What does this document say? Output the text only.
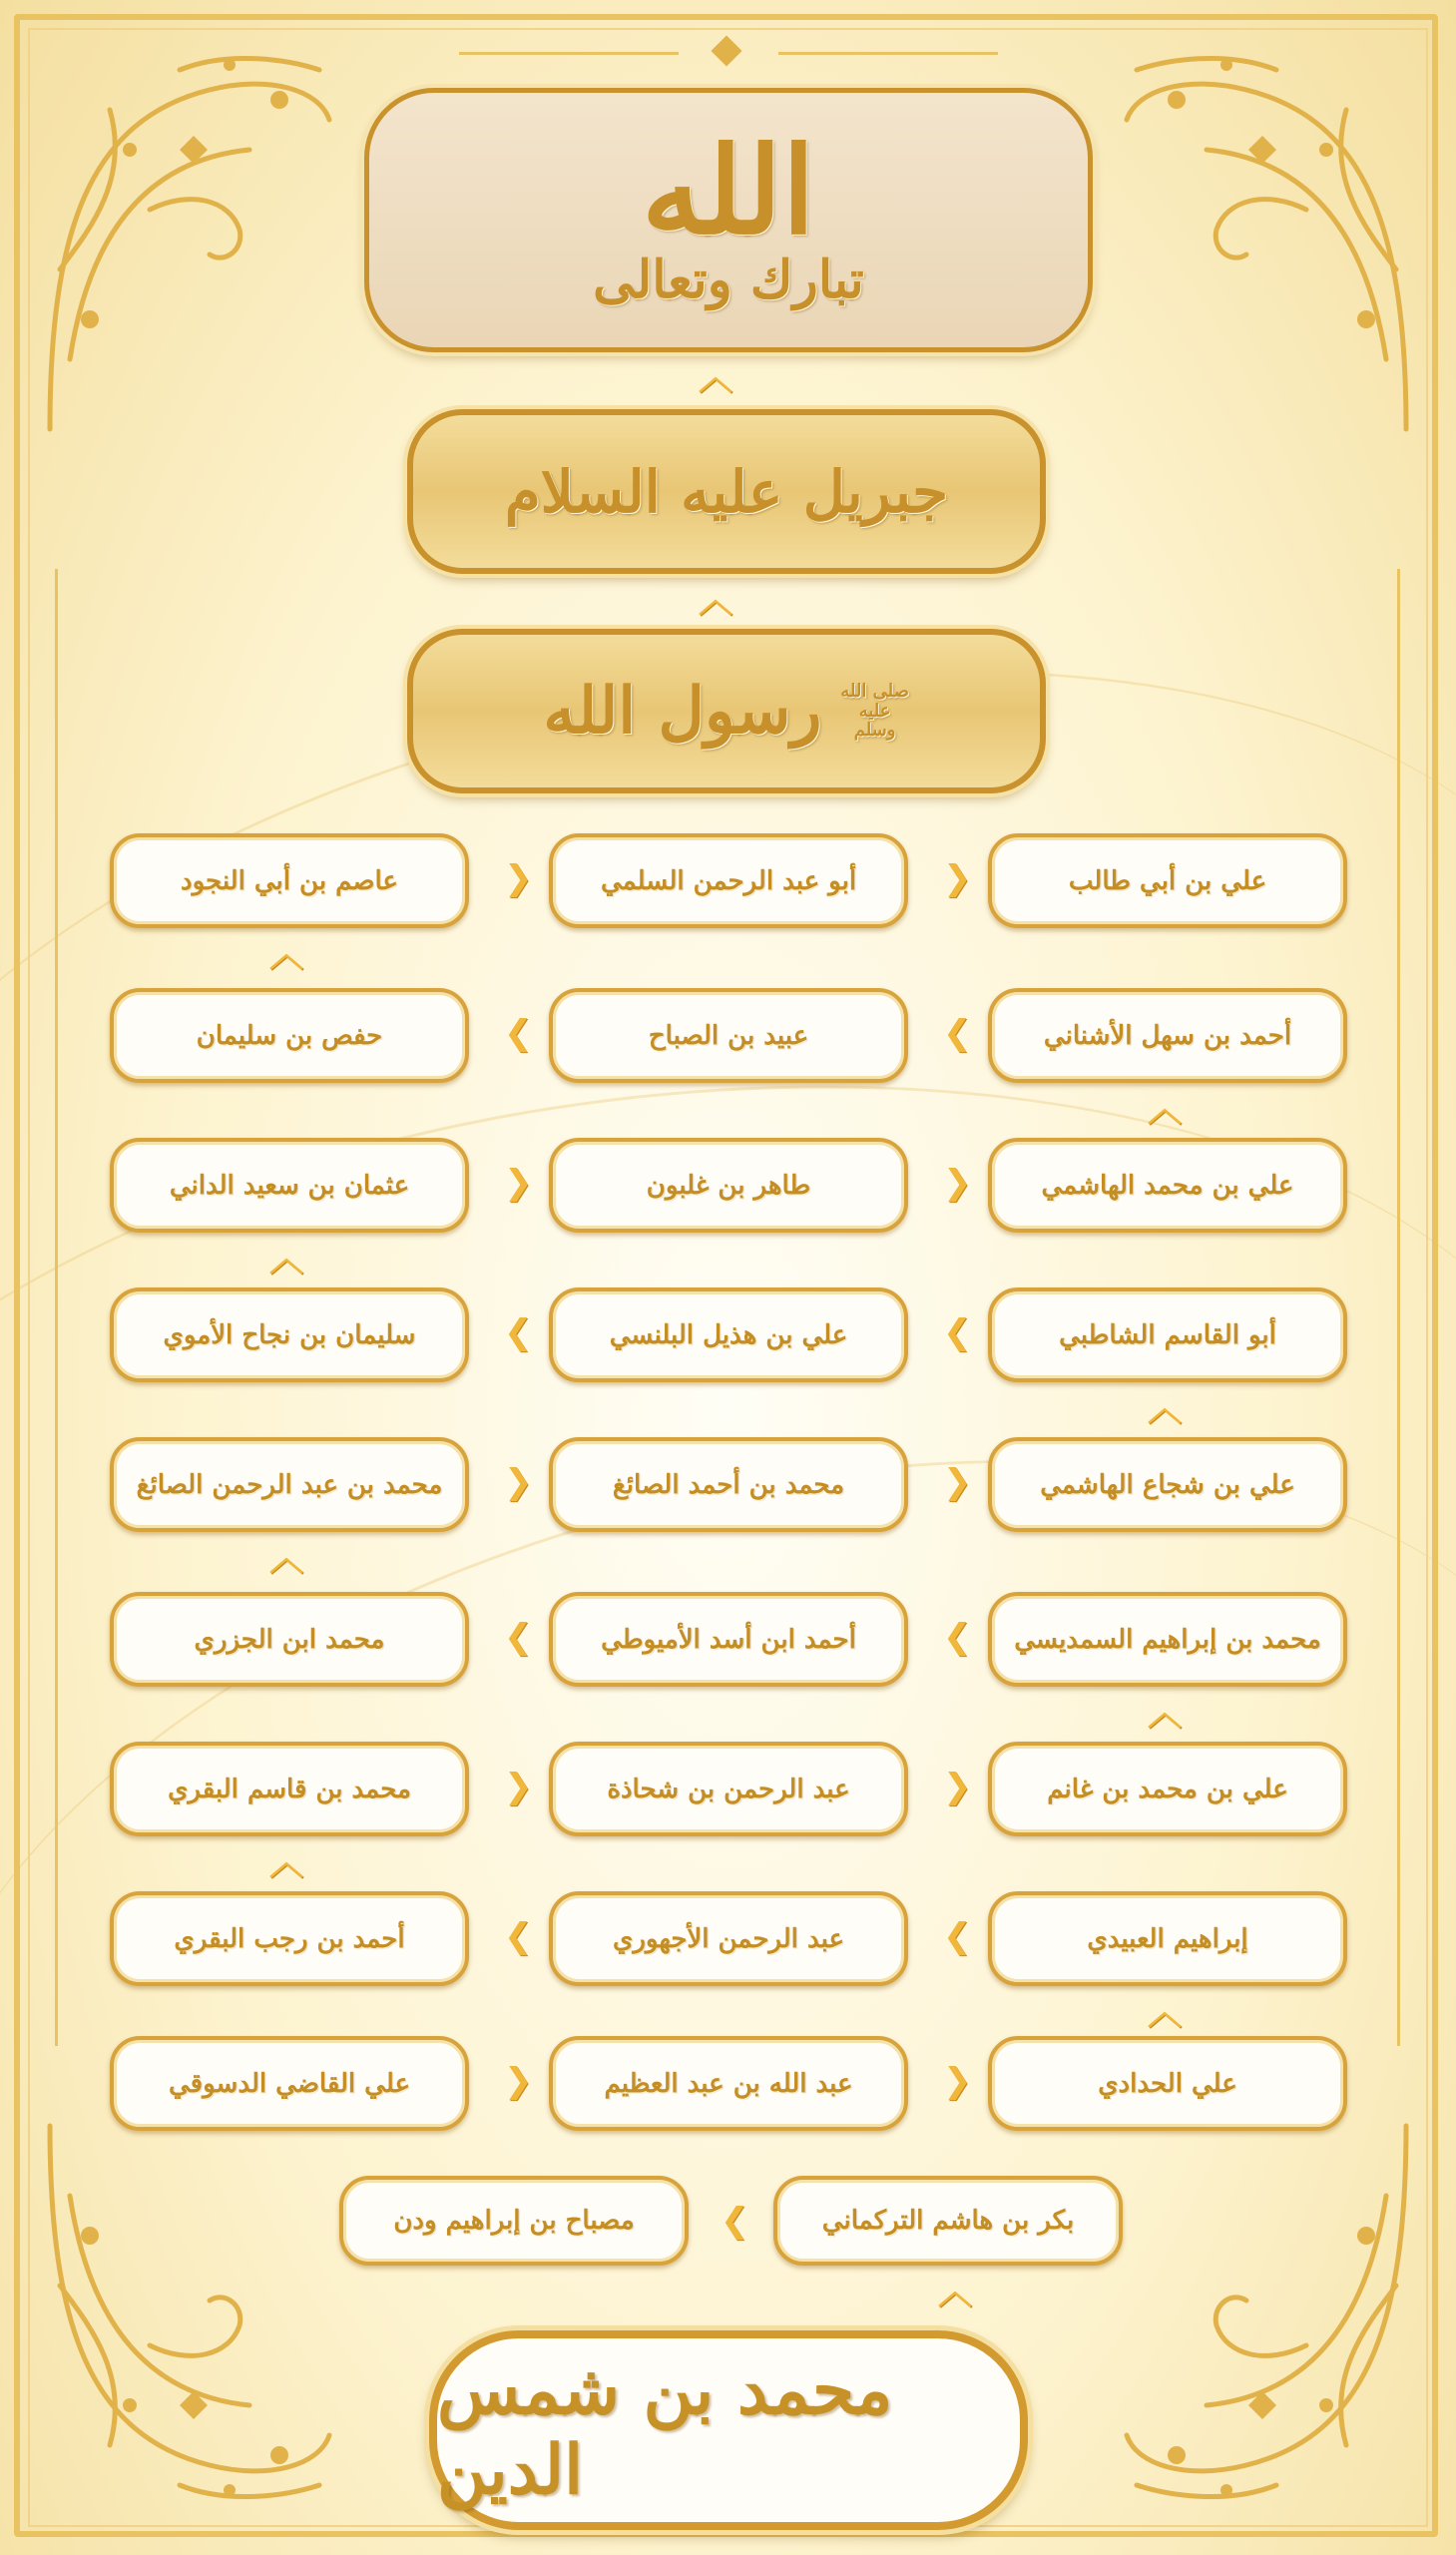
الله
تبارك وتعالى
︿
جبريل عليه السلام
︿
رسول الله صلى الله عليه وسلم
بكر بن هاشم التركماني
❮
مصباح بن إبراهيم ودن
︿
محمد بن شمس الدين
علي بن أبي طالب
أبو عبد الرحمن السلمي
عاصم بن أبي النجود	❯
❯
︿
أحمد بن سهل الأشناني
عبيد بن الصباح
حفص بن سليمان	❮
❮
︿
علي بن محمد الهاشمي
طاهر بن غلبون
عثمان بن سعيد الداني	❯
❯
︿
أبو القاسم الشاطبي
علي بن هذيل البلنسي
سليمان بن نجاح الأموي	❮
❮
︿
علي بن شجاع الهاشمي
محمد بن أحمد الصائغ
محمد بن عبد الرحمن الصائغ	❯
❯
︿
محمد بن إبراهيم السمديسي
أحمد ابن أسد الأميوطي
محمد ابن الجزري	❮
❮
︿
علي بن محمد بن غانم
عبد الرحمن بن شحاذة
محمد بن قاسم البقري	❯
❯
︿
إبراهيم العبيدي
عبد الرحمن الأجهوري
أحمد بن رجب البقري	❮
❮
︿
علي الحدادي
عبد الله بن عبد العظيم
علي القاضي الدسوقي	❯
❯
